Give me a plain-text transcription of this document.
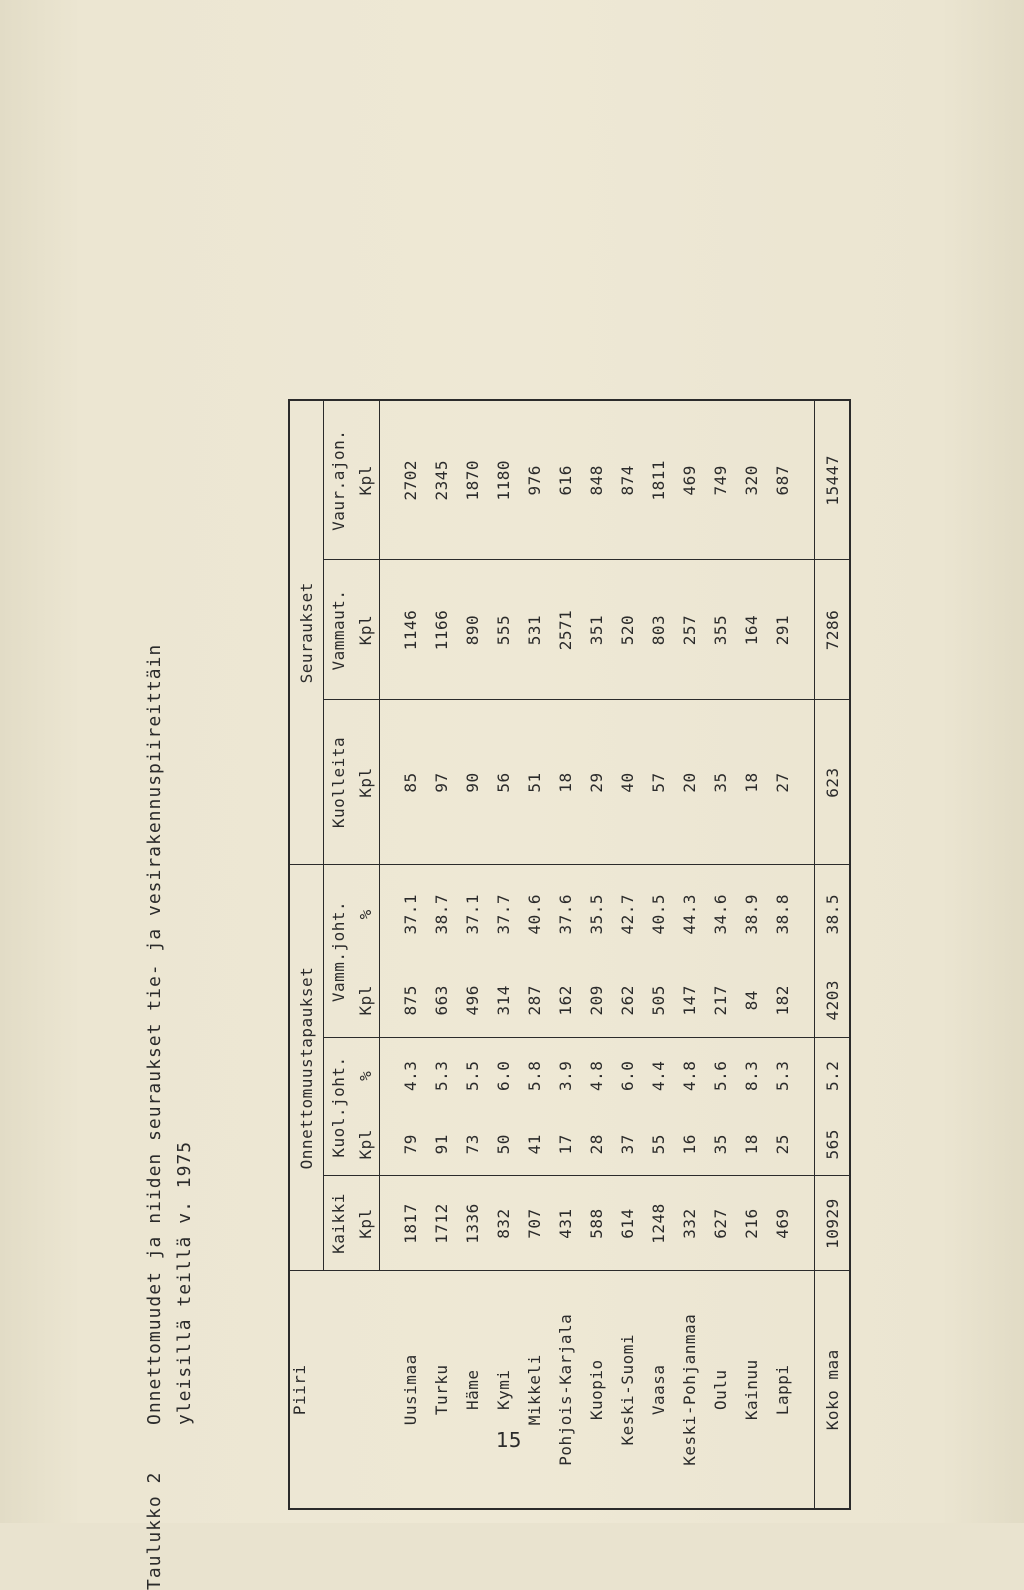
Taulukko 2
Onnettomuudet ja niiden seuraukset tie- ja vesirakennuspiireittäin yleisillä teillä v. 1975	Piiri	Onnettomuustapaukset					Seuraukset		
	Kaikki	Kuol.joht.		Vamm.joht.		Kuolleita	Vammaut.	Vaur.ajon.
	Kpl	Kpl	%	Kpl	%	Kpl	Kpl	Kpl
Uusimaa	1817	79	4.3	875	37.1	85	1146	2702
Turku	1712	91	5.3	663	38.7	97	1166	2345
Häme	1336	73	5.5	496	37.1	90	890	1870
Kymi	832	50	6.0	314	37.7	56	555	1180
Mikkeli	707	41	5.8	287	40.6	51	531	976
Pohjois-Karjala	431	17	3.9	162	37.6	18	2571	616
Kuopio	588	28	4.8	209	35.5	29	351	848
Keski-Suomi	614	37	6.0	262	42.7	40	520	874
Vaasa	1248	55	4.4	505	40.5	57	803	1811
Keski-Pohjanmaa	332	16	4.8	147	44.3	20	257	469
Oulu	627	35	5.6	217	34.6	35	355	749
Kainuu	216	18	8.3	84	38.9	18	164	320
Lappi	469	25	5.3	182	38.8	27	291	687
Koko maa	10929	565	5.2	4203	38.5	623	7286	15447
15
